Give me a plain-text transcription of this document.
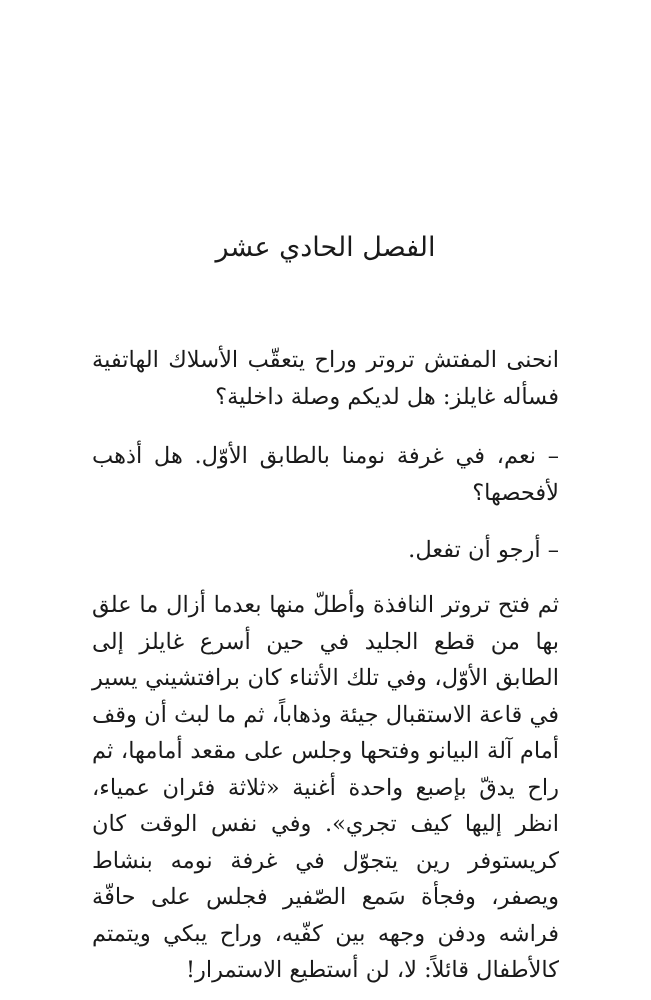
الفصل الحادي عشر

انحنى المفتش تروتر وراح يتعقّب الأسلاك الهاتفية فسأله غايلز: هل لديكم وصلة داخلية؟

– نعم، في غرفة نومنا بالطابق الأوّل. هل أذهب لأفحصها؟

– أرجو أن تفعل.

ثم فتح تروتر النافذة وأطلّ منها بعدما أزال ما علق بها من قطع الجليد في حين أسرع غايلز إلى الطابق الأوّل، وفي تلك الأثناء كان برافتشيني يسير في قاعة الاستقبال جيئة وذهاباً، ثم ما لبث أن وقف أمام آلة البيانو وفتحها وجلس على مقعد أمامها، ثم راح يدقّ بإصبع واحدة أغنية «ثلاثة فئران عمياء، انظر إليها كيف تجري». وفي نفس الوقت كان كريستوفر رين يتجوّل في غرفة نومه بنشاط ويصفر، وفجأة سَمع الصّفير فجلس على حافّة فراشه ودفن وجهه بين كفّيه، وراح يبكي ويتمتم كالأطفال قائلاً: لا، لن أستطيع الاستمرار!
